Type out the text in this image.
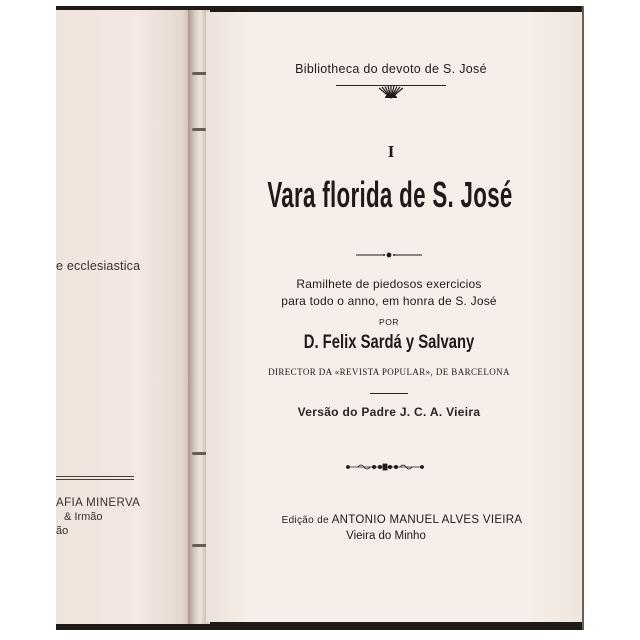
e ecclesiastica
AFIA MINERVA
& Irmão
ão
Bibliotheca do devoto de S. José
I
Vara florida de S. José
Ramilhete de piedosos exercicios
para todo o anno, em honra de S. José
POR
D. Felix Sardá y Salvany
DIRECTOR DA «REVISTA POPULAR», DE BARCELONA
Versão do Padre J. C. A. Vieira
Edição de ANTONIO MANUEL ALVES VIEIRA
Vieira do Minho
